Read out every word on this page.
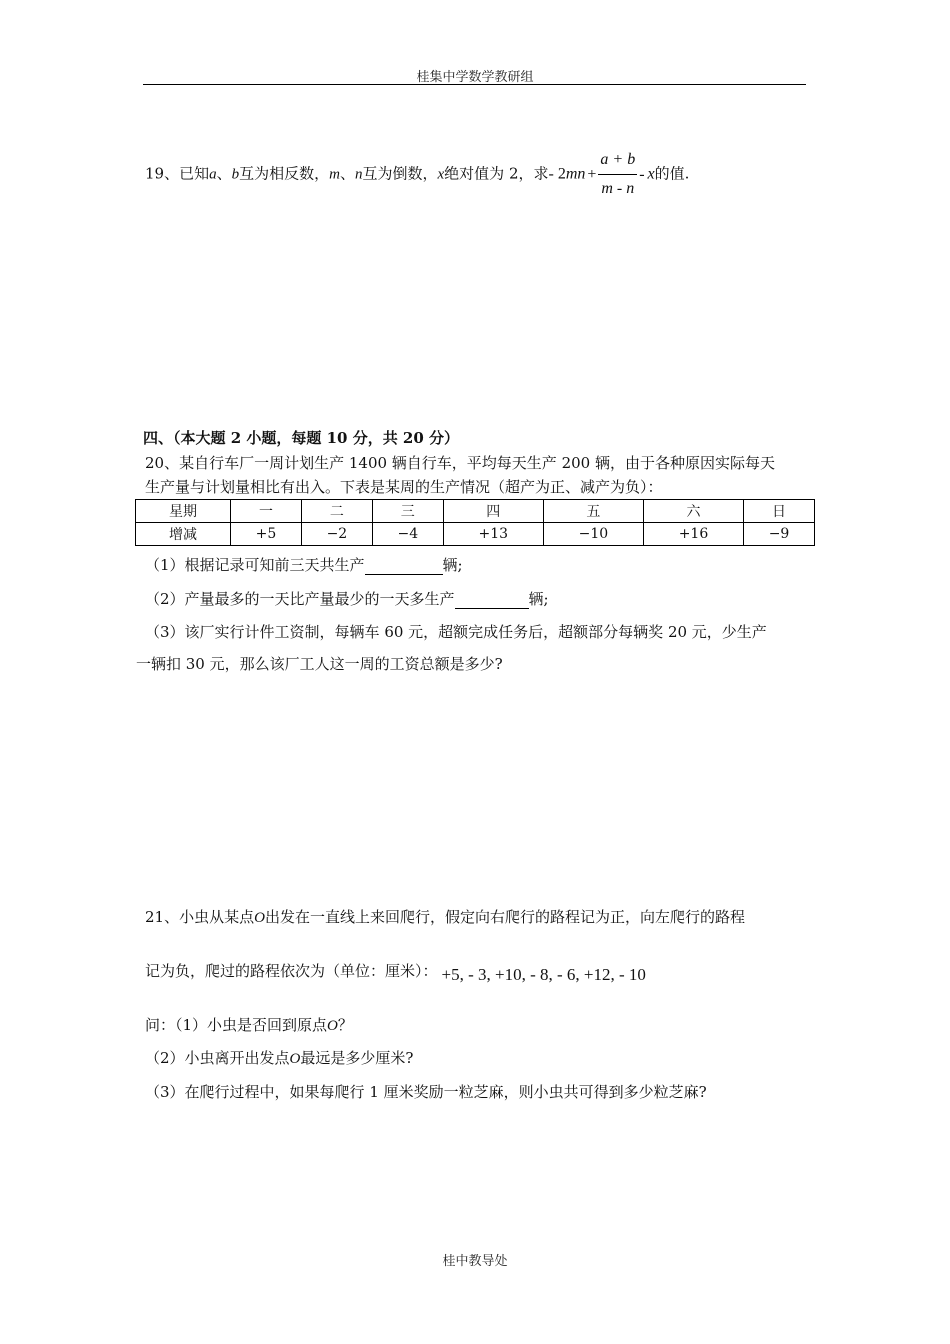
桂集中学数学教研组
19、已知a、b互为相反数，m、n互为倒数，x绝对值为 2，求- $2mn + \frac{a + b}{m - n} - x$的值.
四、（本大题 2 小题，每题 10 分，共 20 分）
20、某自行车厂一周计划生产 1400 辆自行车，平均每天生产 200 辆，由于各种原因实际每天
生产量与计划量相比有出入。下表是某周的生产情况（超产为正、减产为负）：
星期	一	二	三	四	五	六	日
增减	+5	−2	−4	+13	−10	+16	−9
（1）根据记录可知前三天共生产	辆;
（2）产量最多的一天比产量最少的一天多生产	辆;
（3）该厂实行计件工资制，每辆车 60 元，超额完成任务后，超额部分每辆奖 20 元，少生产
一辆扣 30 元，那么该厂工人这一周的工资总额是多少?
21、小虫从某点O出发在一直线上来回爬行，假定向右爬行的路程记为正，向左爬行的路程
记为负，爬过的路程依次为（单位：厘米）： +5, - 3, +10, - 8, - 6, +12, - 10
问：（1）小虫是否回到原点O？
（2）小虫离开出发点O最远是多少厘米?
（3）在爬行过程中，如果每爬行 1 厘米奖励一粒芝麻，则小虫共可得到多少粒芝麻?
桂中教导处
